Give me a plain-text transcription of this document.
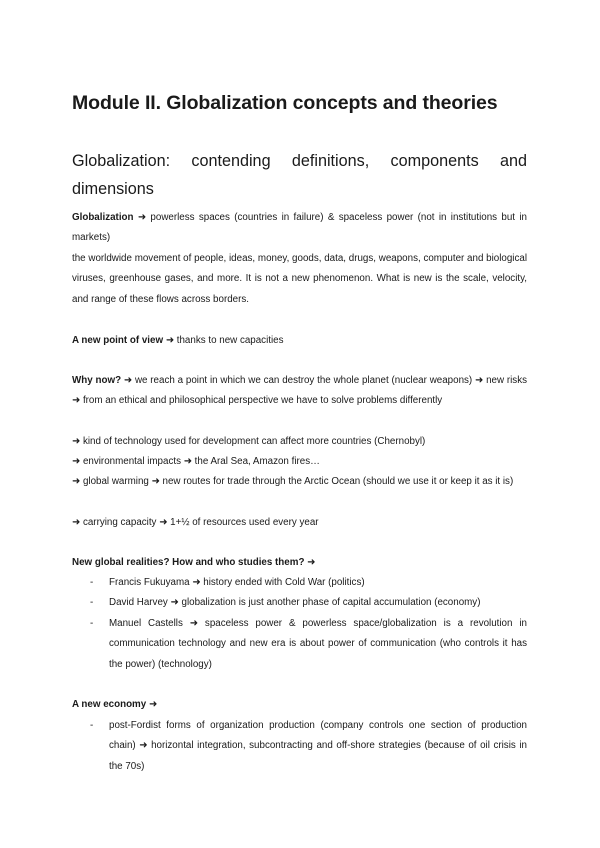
Module II. Globalization concepts and theories
Globalization: contending definitions, components and dimensions
Globalization ➜ powerless spaces (countries in failure) & spaceless power (not in institutions but in markets)
the worldwide movement of people, ideas, money, goods, data, drugs, weapons, computer and biological viruses, greenhouse gases, and more. It is not a new phenomenon. What is new is the scale, velocity, and range of these flows across borders.
A new point of view ➜ thanks to new capacities
Why now? ➜ we reach a point in which we can destroy the whole planet (nuclear weapons) ➜ new risks ➜ from an ethical and philosophical perspective we have to solve problems differently
➜ kind of technology used for development can affect more countries (Chernobyl)
➜ environmental impacts ➜ the Aral Sea, Amazon fires…
➜ global warming ➜ new routes for trade through the Arctic Ocean (should we use it or keep it as it is)
➜ carrying capacity ➜ 1+½ of resources used every year
New global realities? How and who studies them? ➜
- Francis Fukuyama ➜ history ended with Cold War (politics)
- David Harvey ➜ globalization is just another phase of capital accumulation (economy)
- Manuel Castells ➜ spaceless power & powerless space/globalization is a revolution in communication technology and new era is about power of communication (who controls it has the power) (technology)
A new economy ➜
- post-Fordist forms of organization production (company controls one section of production chain) ➜ horizontal integration, subcontracting and off-shore strategies (because of oil crisis in the 70s)
